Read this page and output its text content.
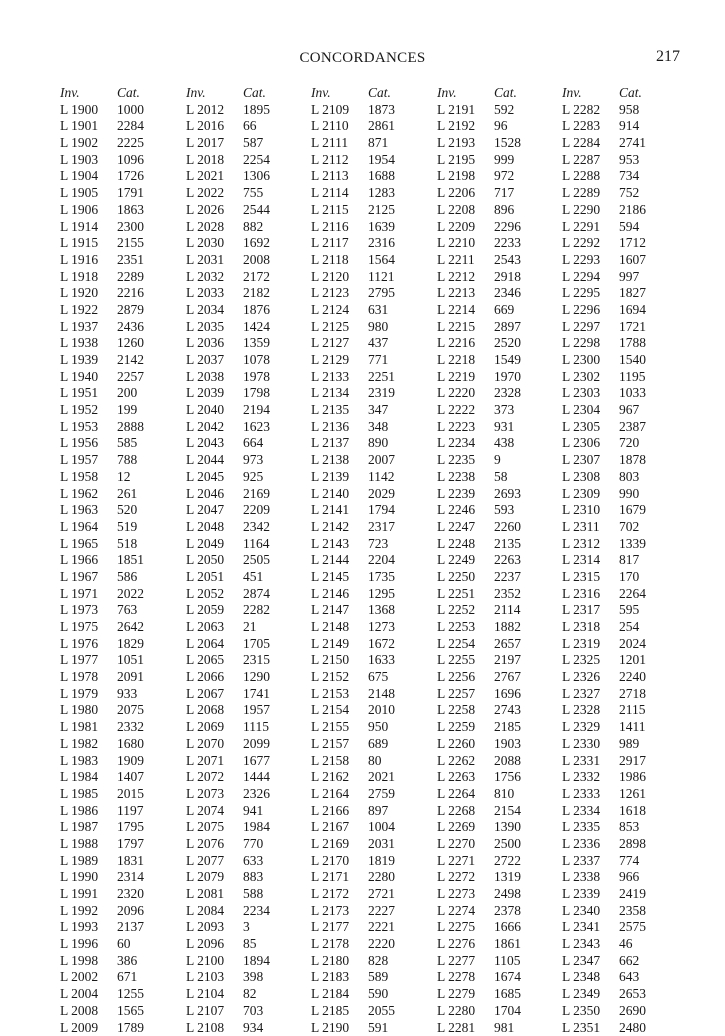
CONCORDANCES	217
Inv.	Cat.
L 1900 1000
L 1901 2284
L 1902 2225
L 1903 1096
L 1904 1726
L 1905 1791
L 1906 1863
L 1914 2300
L 1915 2155
L 1916 2351
L 1918 2289
L 1920 2216
L 1922 2879
L 1937 2436
L 1938 1260
L 1939 2142
L 1940 2257
L 1951 200
L 1952 199
L 1953 2888
L 1956 585
L 1957 788
L 1958 12
L 1962 261
L 1963 520
L 1964 519
L 1965 518
L 1966 1851
L 1967 586
L 1971 2022
L 1973 763
L 1975 2642
L 1976 1829
L 1977 1051
L 1978 2091
L 1979 933
L 1980 2075
L 1981 2332
L 1982 1680
L 1983 1909
L 1984 1407
L 1985 2015
L 1986 1197
L 1987 1795
L 1988 1797
L 1989 1831
L 1990 2314
L 1991 2320
L 1992 2096
L 1993 2137
L 1996 60
L 1998 386
L 2002 671
L 2004 1255
L 2008 1565
L 2009 1789
Inv.	Cat.
L 2012 1895
L 2016 66
L 2017 587
L 2018 2254
L 2021 1306
L 2022 755
L 2026 2544
L 2028 882
L 2030 1692
L 2031 2008
L 2032 2172
L 2033 2182
L 2034 1876
L 2035 1424
L 2036 1359
L 2037 1078
L 2038 1978
L 2039 1798
L 2040 2194
L 2042 1623
L 2043 664
L 2044 973
L 2045 925
L 2046 2169
L 2047 2209
L 2048 2342
L 2049 1164
L 2050 2505
L 2051 451
L 2052 2874
L 2059 2282
L 2063 21
L 2064 1705
L 2065 2315
L 2066 1290
L 2067 1741
L 2068 1957
L 2069 1115
L 2070 2099
L 2071 1677
L 2072 1444
L 2073 2326
L 2074 941
L 2075 1984
L 2076 770
L 2077 633
L 2079 883
L 2081 588
L 2084 2234
L 2093 3
L 2096 85
L 2100 1894
L 2103 398
L 2104 82
L 2107 703
L 2108 934
Inv.	Cat.
L 2109 1873
L 2110 2861
L 2111 871
L 2112 1954
L 2113 1688
L 2114 1283
L 2115 2125
L 2116 1639
L 2117 2316
L 2118 1564
L 2120 1121
L 2123 2795
L 2124 631
L 2125 980
L 2127 437
L 2129 771
L 2133 2251
L 2134 2319
L 2135 347
L 2136 348
L 2137 890
L 2138 2007
L 2139 1142
L 2140 2029
L 2141 1794
L 2142 2317
L 2143 723
L 2144 2204
L 2145 1735
L 2146 1295
L 2147 1368
L 2148 1273
L 2149 1672
L 2150 1633
L 2152 675
L 2153 2148
L 2154 2010
L 2155 950
L 2157 689
L 2158 80
L 2162 2021
L 2164 2759
L 2166 897
L 2167 1004
L 2169 2031
L 2170 1819
L 2171 2280
L 2172 2721
L 2173 2227
L 2177 2221
L 2178 2220
L 2180 828
L 2183 589
L 2184 590
L 2185 2055
L 2190 591
Inv.	Cat.
L 2191 592
L 2192 96
L 2193 1528
L 2195 999
L 2198 972
L 2206 717
L 2208 896
L 2209 2296
L 2210 2233
L 2211 2543
L 2212 2918
L 2213 2346
L 2214 669
L 2215 2897
L 2216 2520
L 2218 1549
L 2219 1970
L 2220 2328
L 2222 373
L 2223 931
L 2234 438
L 2235 9
L 2238 58
L 2239 2693
L 2246 593
L 2247 2260
L 2248 2135
L 2249 2263
L 2250 2237
L 2251 2352
L 2252 2114
L 2253 1882
L 2254 2657
L 2255 2197
L 2256 2767
L 2257 1696
L 2258 2743
L 2259 2185
L 2260 1903
L 2262 2088
L 2263 1756
L 2264 810
L 2268 2154
L 2269 1390
L 2270 2500
L 2271 2722
L 2272 1319
L 2273 2498
L 2274 2378
L 2275 1666
L 2276 1861
L 2277 1105
L 2278 1674
L 2279 1685
L 2280 1704
L 2281 981
Inv.	Cat.
L 2282 958
L 2283 914
L 2284 2741
L 2287 953
L 2288 734
L 2289 752
L 2290 2186
L 2291 594
L 2292 1712
L 2293 1607
L 2294 997
L 2295 1827
L 2296 1694
L 2297 1721
L 2298 1788
L 2300 1540
L 2302 1195
L 2303 1033
L 2304 967
L 2305 2387
L 2306 720
L 2307 1878
L 2308 803
L 2309 990
L 2310 1679
L 2311 702
L 2312 1339
L 2314 817
L 2315 170
L 2316 2264
L 2317 595
L 2318 254
L 2319 2024
L 2325 1201
L 2326 2240
L 2327 2718
L 2328 2115
L 2329 1411
L 2330 989
L 2331 2917
L 2332 1986
L 2333 1261
L 2334 1618
L 2335 853
L 2336 2898
L 2337 774
L 2338 966
L 2339 2419
L 2340 2358
L 2341 2575
L 2343 46
L 2347 662
L 2348 643
L 2349 2653
L 2350 2690
L 2351 2480
